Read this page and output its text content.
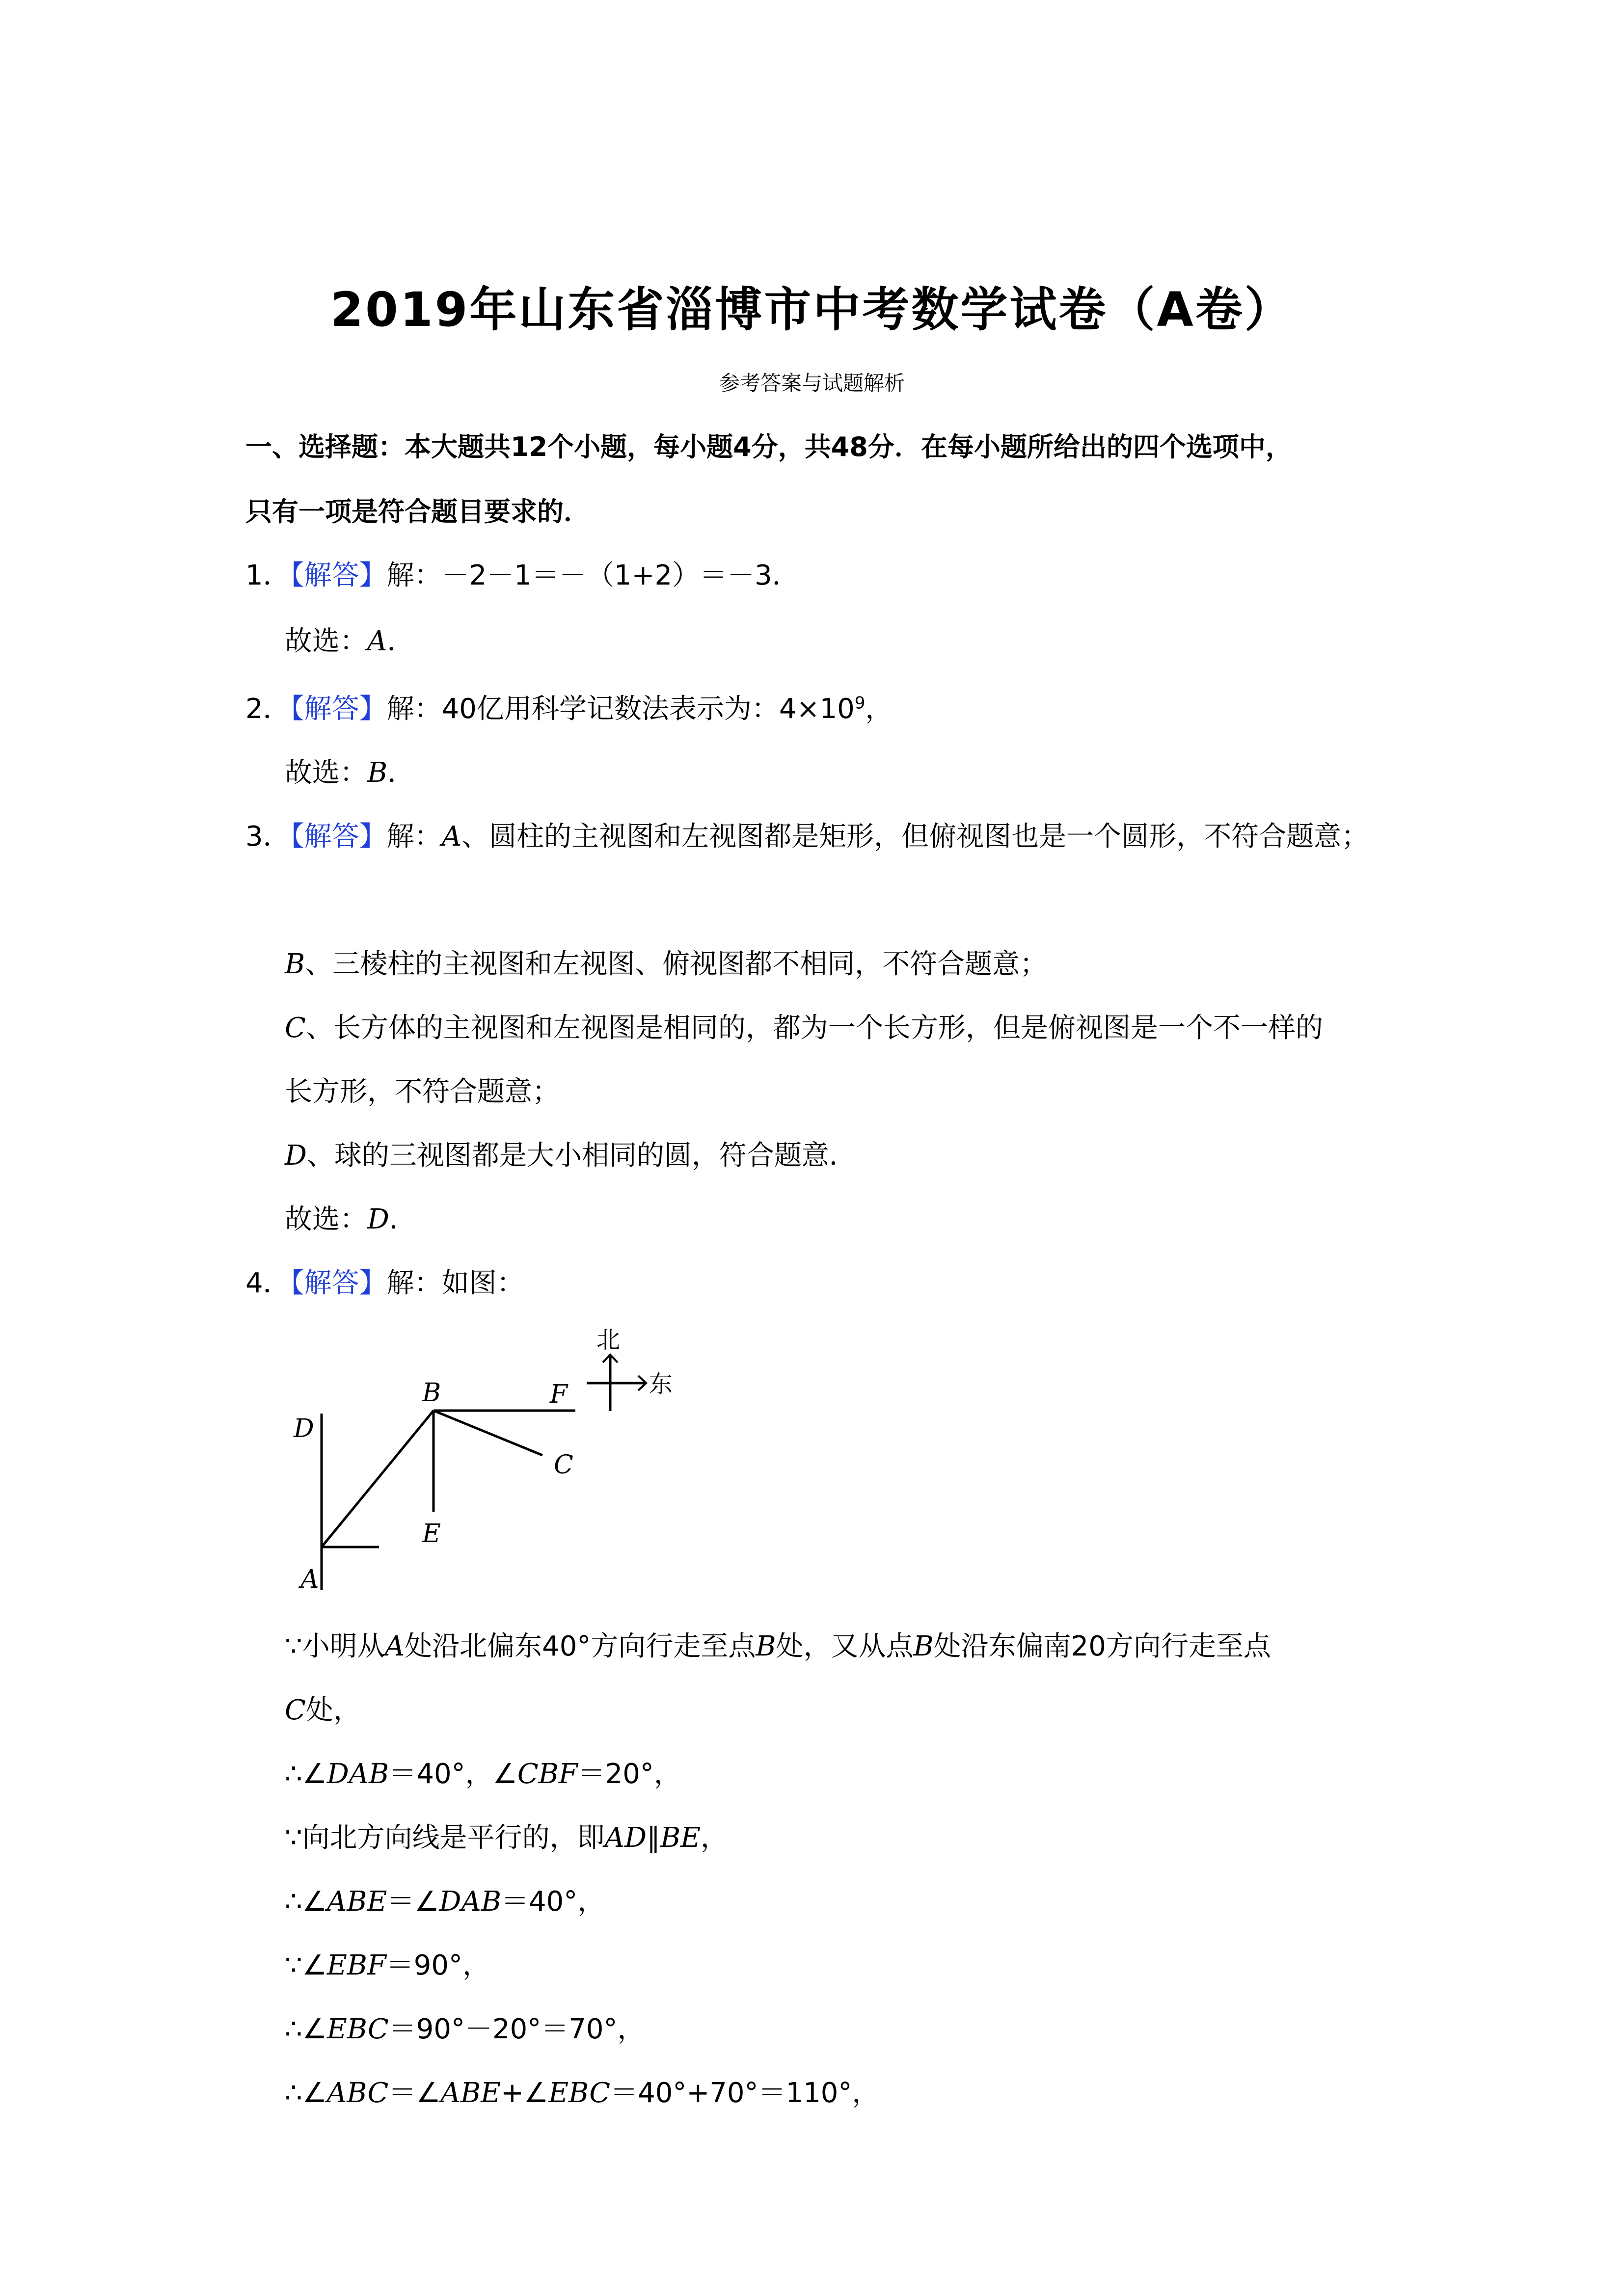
2019年山东省淄博市中考数学试卷（A卷）
参考答案与试题解析
一、选择题：本大题共12个小题，每小题4分，共48分．在每小题所给出的四个选项中，
只有一项是符合题目要求的．
1．【解答】解：－2－1＝－（1+2）＝－3．
故选：A．
2．【解答】解：40亿用科学记数法表示为：$4\times 10^9$，
故选：B．
3．【解答】解：A、圆柱的主视图和左视图都是矩形，但俯视图也是一个圆形，不符合题意；
B、三棱柱的主视图和左视图、俯视图都不相同，不符合题意；
C、长方体的主视图和左视图是相同的，都为一个长方形，但是俯视图是一个不一样的
长方形，不符合题意；
D、球的三视图都是大小相同的圆，符合题意．
故选：D．
4．【解答】解：如图：
A
B
C
D
E
F
北
东
∵小明从A处沿北偏东40°方向行走至点B处，又从点B处沿东偏南20方向行走至点
C处，
∴∠DAB＝40°，∠CBF＝20°，
∵向北方向线是平行的，即AD∥BE，
∴∠ABE＝∠DAB＝40°，
∵∠EBF＝90°，
∴∠EBC＝90°－20°＝70°，
∴∠ABC＝∠ABE+∠EBC＝40°+70°＝110°，
